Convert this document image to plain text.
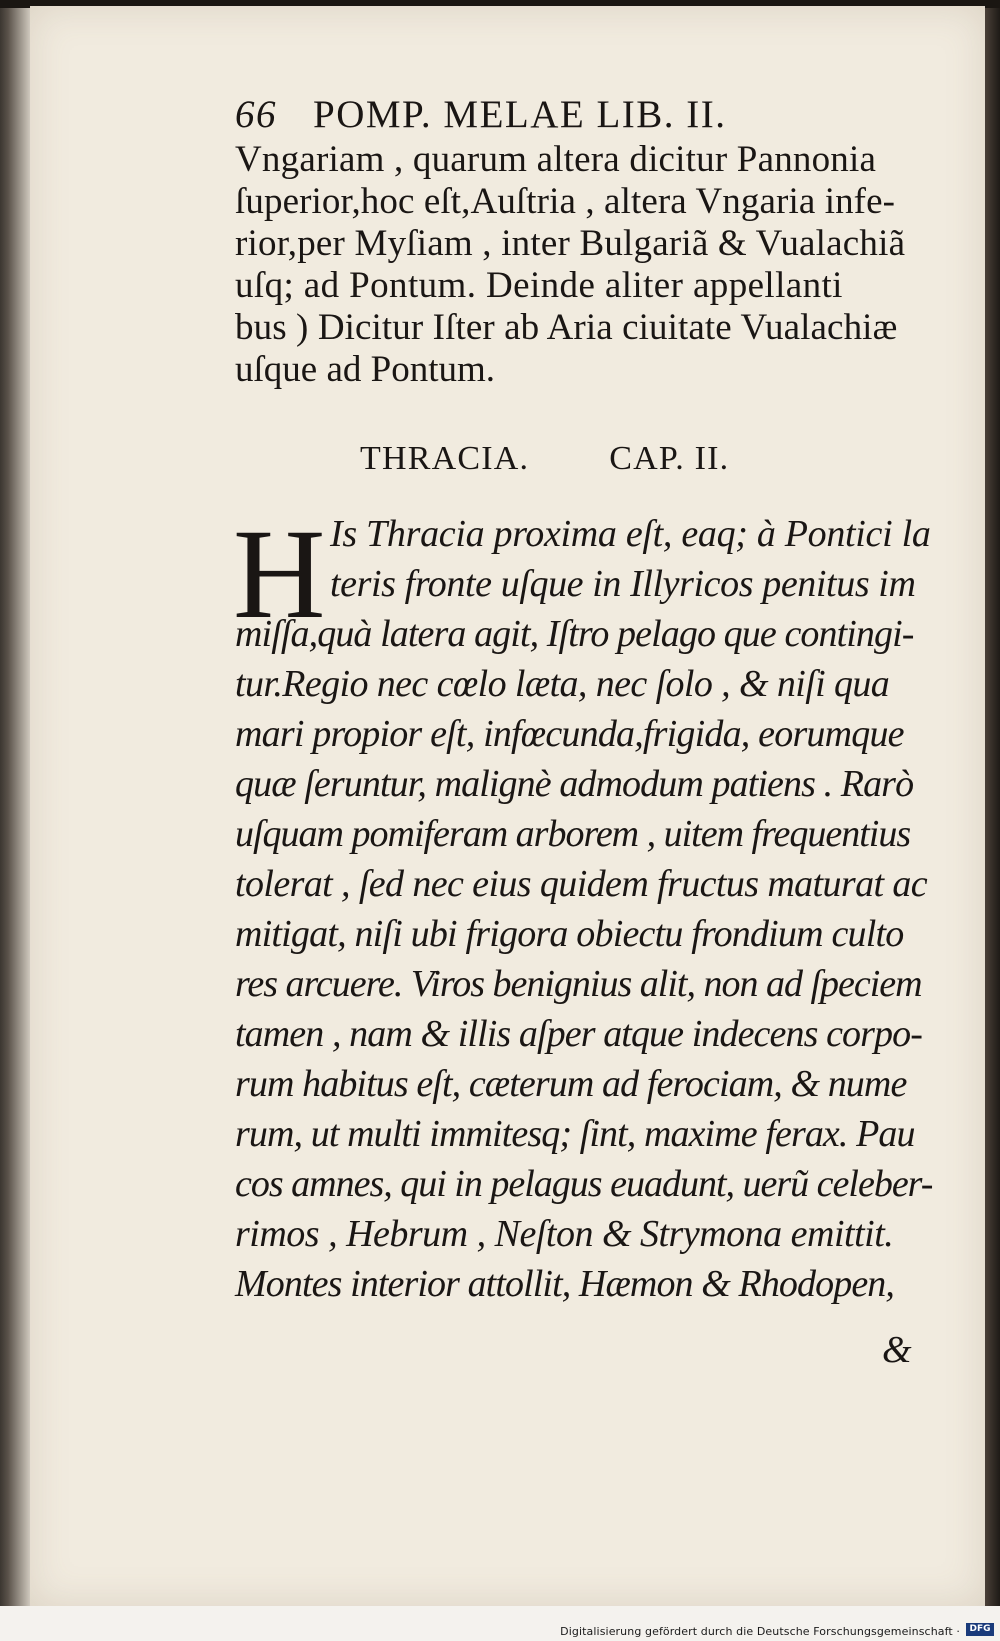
66 POMP. MELAE LIB. II.
Vngariam , quarum altera dicitur Pannonia
ſuperior,hoc eſt,Auſtria , altera Vngaria infe-
rior,per Myſiam , inter Bulgariã & Vualachiã
uſq; ad Pontum. Deinde aliter appellanti
bus ) Dicitur Iſter ab Aria ciuitate Vualachiæ
uſque ad Pontum.
THRACIA. CAP. II.
H Is Thracia proxima eſt, eaq; à Pontici la
teris fronte uſque in Illyricos penitus im
miſſa,quà latera agit, Iſtro pelago que contingi-
tur.Regio nec cœlo læta, nec ſolo , & niſi qua
mari propior eſt, infœcunda,frigida, eorumque
quæ ſeruntur, malignè admodum patiens . Rarò
uſquam pomiferam arborem , uitem frequentius
tolerat , ſed nec eius quidem fructus maturat ac
mitigat, niſi ubi frigora obiectu frondium culto
res arcuere. Viros benignius alit, non ad ſpeciem
tamen , nam & illis aſper atque indecens corpo-
rum habitus eſt, cæterum ad ferociam, & nume
rum, ut multi immitesq; ſint, maxime ferax. Pau
cos amnes, qui in pelagus euadunt, uerũ celeber-
rimos , Hebrum , Neſton & Strymona emittit.
Montes interior attollit, Hæmon & Rhodopen,
&
Digitalisierung gefördert durch die Deutsche Forschungsgemeinschaft ·	DFG
